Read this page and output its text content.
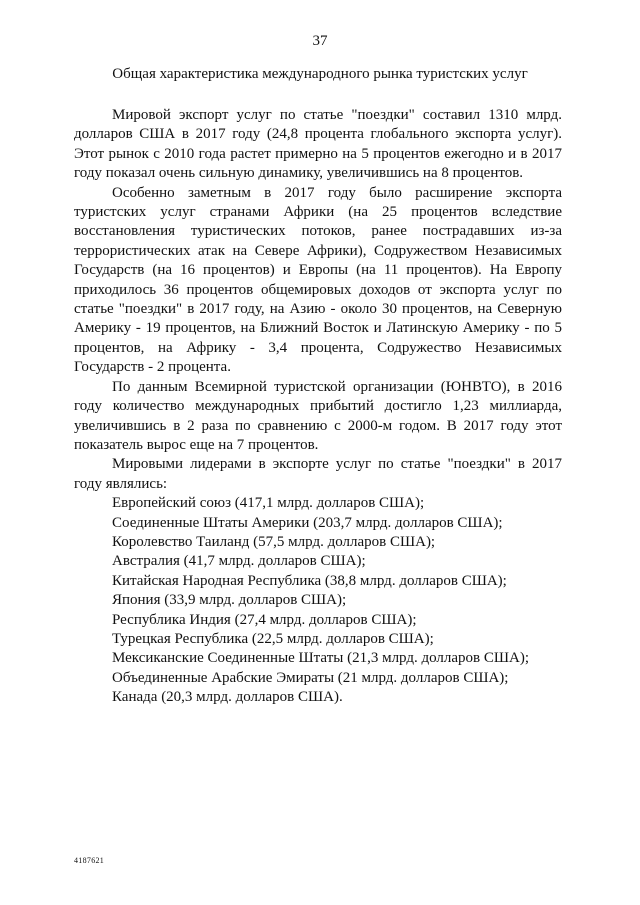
37
Общая характеристика международного рынка туристских услуг

Мировой экспорт услуг по статье "поездки" составил 1310 млрд. долларов США в 2017 году (24,8 процента глобального экспорта услуг). Этот рынок с 2010 года растет примерно на 5 процентов ежегодно и в 2017 году показал очень сильную динамику, увеличившись на 8 процентов.

Особенно заметным в 2017 году было расширение экспорта туристских услуг странами Африки (на 25 процентов вследствие восстановления туристических потоков, ранее пострадавших из-за террористических атак на Севере Африки), Содружеством Независимых Государств (на 16 процентов) и Европы (на 11 процентов). На Европу приходилось 36 процентов общемировых доходов от экспорта услуг по статье "поездки" в 2017 году, на Азию - около 30 процентов, на Северную Америку - 19 процентов, на Ближний Восток и Латинскую Америку - по 5 процентов, на Африку - 3,4 процента, Содружество Независимых Государств - 2 процента.

По данным Всемирной туристской организации (ЮНВТО), в 2016 году количество международных прибытий достигло 1,23 миллиарда, увеличившись в 2 раза по сравнению с 2000-м годом. В 2017 году этот показатель вырос еще на 7 процентов.

Мировыми лидерами в экспорте услуг по статье "поездки" в 2017 году являлись:

Европейский союз (417,1 млрд. долларов США);
Соединенные Штаты Америки (203,7 млрд. долларов США);
Королевство Таиланд (57,5 млрд. долларов США);
Австралия (41,7 млрд. долларов США);
Китайская Народная Республика (38,8 млрд. долларов США);
Япония (33,9 млрд. долларов США);
Республика Индия (27,4 млрд. долларов США);
Турецкая Республика (22,5 млрд. долларов США);
Мексиканские Соединенные Штаты (21,3 млрд. долларов США);
Объединенные Арабские Эмираты (21 млрд. долларов США);
Канада (20,3 млрд. долларов США).
4187621
